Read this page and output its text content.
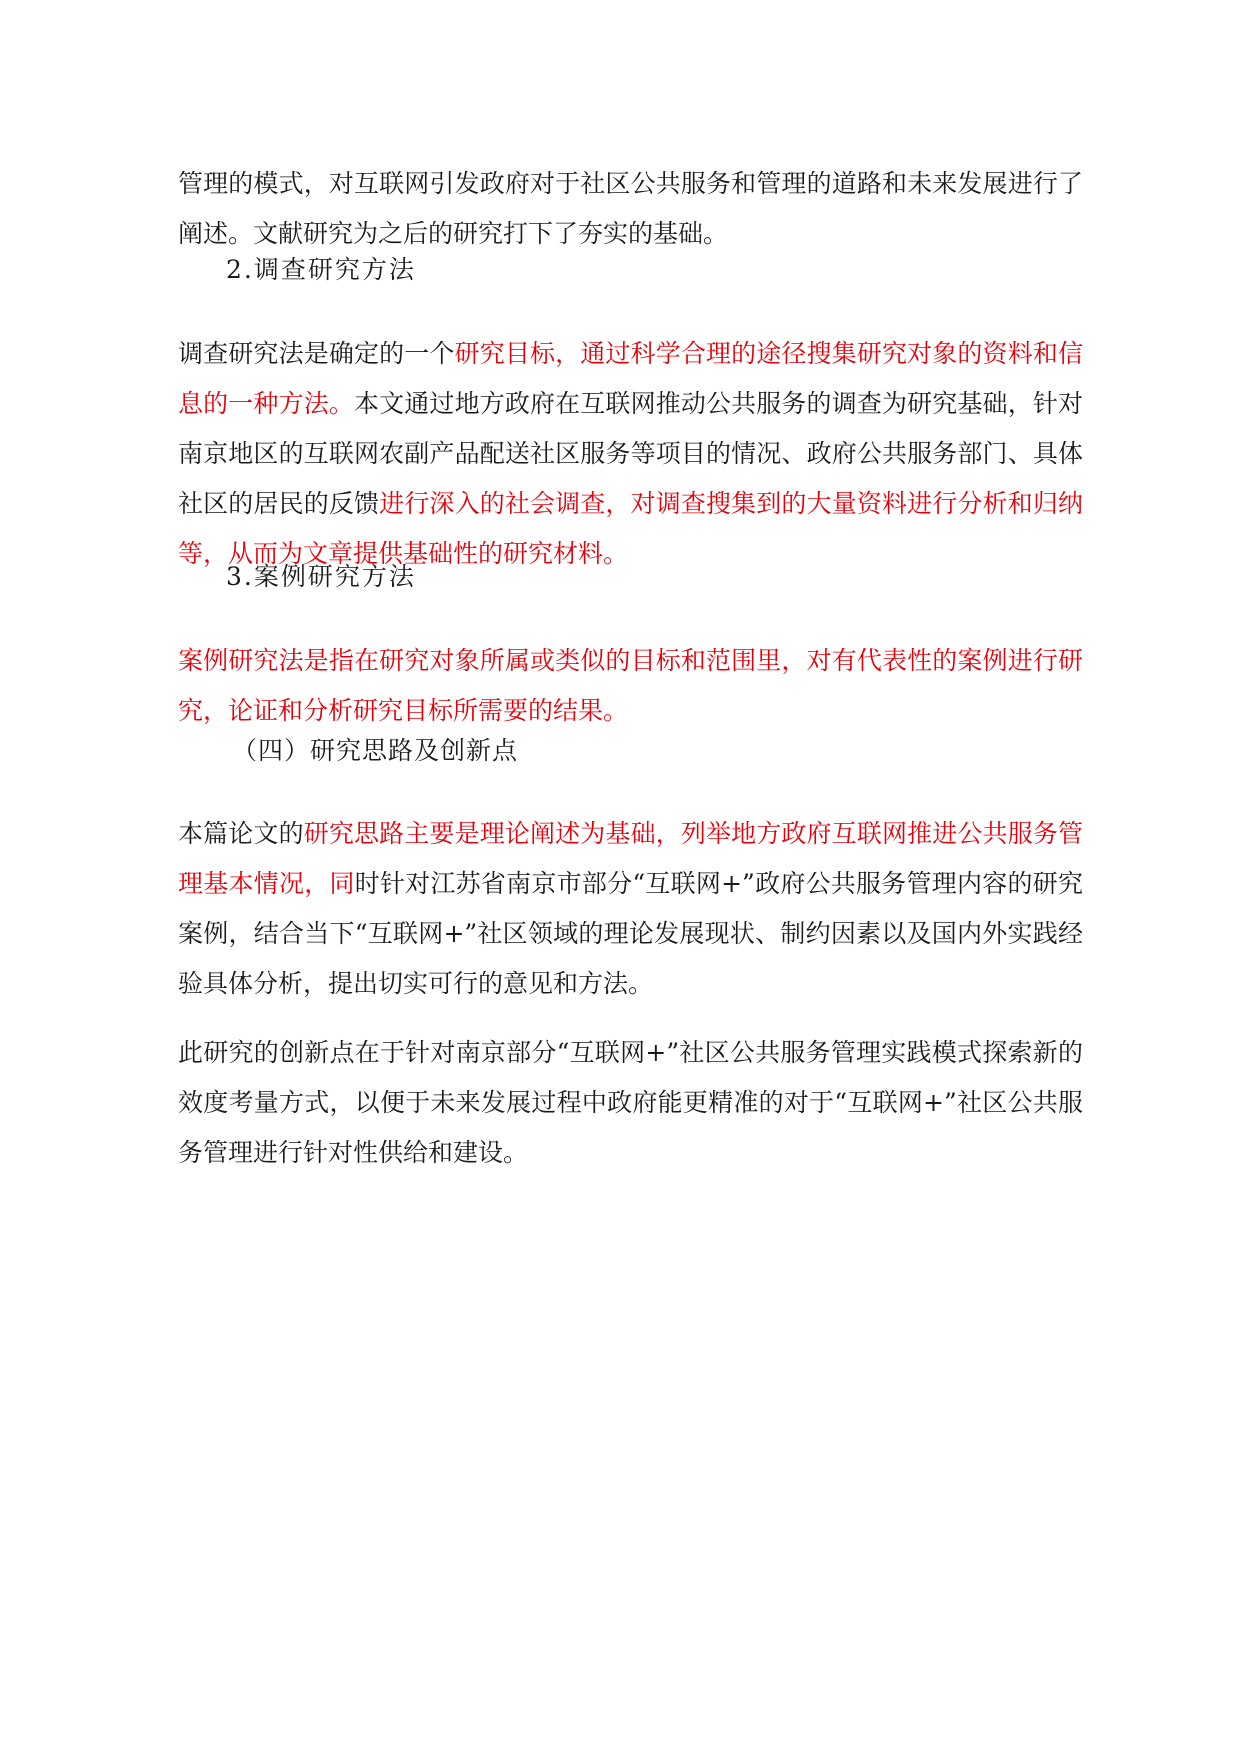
管理的模式，对互联网引发政府对于社区公共服务和管理的道路和未来发展进行了阐述。文献研究为之后的研究打下了夯实的基础。

2.调查研究方法

调查研究法是确定的一个研究目标，通过科学合理的途径搜集研究对象的资料和信息的一种方法。本文通过地方政府在互联网推动公共服务的调查为研究基础，针对南京地区的互联网农副产品配送社区服务等项目的情况、政府公共服务部门、具体社区的居民的反馈进行深入的社会调查，对调查搜集到的大量资料进行分析和归纳等，从而为文章提供基础性的研究材料。

3.案例研究方法

案例研究法是指在研究对象所属或类似的目标和范围里，对有代表性的案例进行研究，论证和分析研究目标所需要的结果。

（四）研究思路及创新点

本篇论文的研究思路主要是理论阐述为基础，列举地方政府互联网推进公共服务管理基本情况，同时针对江苏省南京市部分“互联网+”政府公共服务管理内容的研究案例，结合当下“互联网+”社区领域的理论发展现状、制约因素以及国内外实践经验具体分析，提出切实可行的意见和方法。

此研究的创新点在于针对南京部分“互联网+”社区公共服务管理实践模式探索新的效度考量方式，以便于未来发展过程中政府能更精准的对于“互联网+”社区公共服务管理进行针对性供给和建设。
